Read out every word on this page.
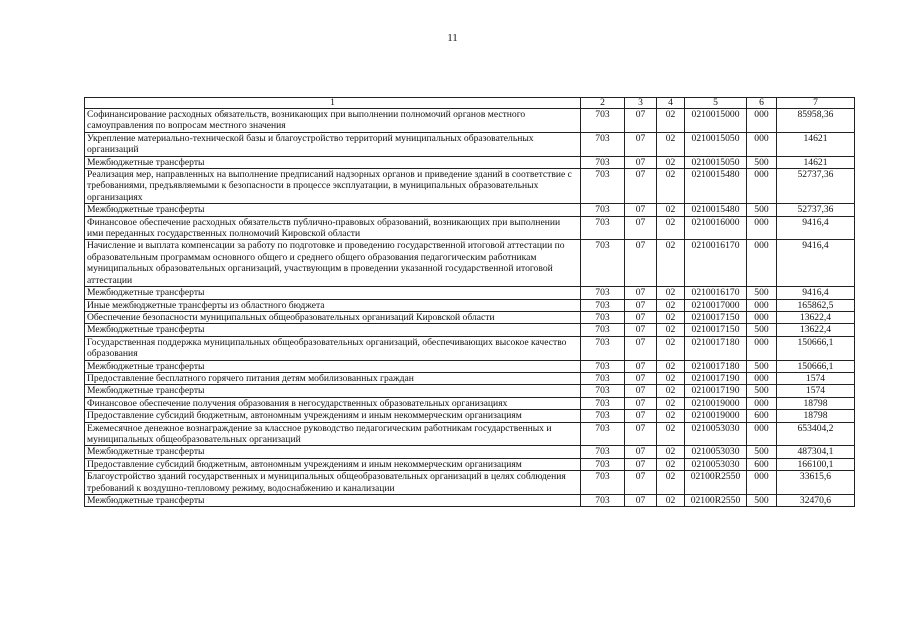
11
1	2	3	4	5	6	7
Софинансирование расходных обязательств, возникающих при выполнении полномочий органов местного самоуправления по вопросам местного значения	703	07	02	0210015000	000	85958,36
Укрепление материально-технической базы и благоустройство территорий муниципальных образовательных организаций	703	07	02	0210015050	000	14621
Межбюджетные трансферты	703	07	02	0210015050	500	14621
Реализация мер, направленных на выполнение предписаний надзорных органов и приведение зданий в соответствие с требованиями, предъявляемыми к безопасности в процессе эксплуатации, в муниципальных образовательных организациях	703	07	02	0210015480	000	52737,36
Межбюджетные трансферты	703	07	02	0210015480	500	52737,36
Финансовое обеспечение расходных обязательств публично-правовых образований, возникающих при выполнении ими переданных государственных полномочий Кировской области	703	07	02	0210016000	000	9416,4
Начисление и выплата компенсации за работу по подготовке и проведению государственной итоговой аттестации по образовательным программам основного общего и среднего общего образования педагогическим работникам муниципальных образовательных организаций, участвующим в проведении указанной государственной итоговой аттестации	703	07	02	0210016170	000	9416,4
Межбюджетные трансферты	703	07	02	0210016170	500	9416,4
Иные межбюджетные трансферты из областного бюджета	703	07	02	0210017000	000	165862,5
Обеспечение безопасности муниципальных общеобразовательных организаций Кировской области	703	07	02	0210017150	000	13622,4
Межбюджетные трансферты	703	07	02	0210017150	500	13622,4
Государственная поддержка муниципальных общеобразовательных организаций, обеспечивающих высокое качество образования	703	07	02	0210017180	000	150666,1
Межбюджетные трансферты	703	07	02	0210017180	500	150666,1
Предоставление бесплатного горячего питания детям мобилизованных граждан	703	07	02	0210017190	000	1574
Межбюджетные трансферты	703	07	02	0210017190	500	1574
Финансовое обеспечение получения образования в негосударственных образовательных организациях	703	07	02	0210019000	000	18798
Предоставление субсидий бюджетным, автономным учреждениям и иным некоммерческим организациям	703	07	02	0210019000	600	18798
Ежемесячное денежное вознаграждение за классное руководство педагогическим работникам государственных и муниципальных общеобразовательных организаций	703	07	02	0210053030	000	653404,2
Межбюджетные трансферты	703	07	02	0210053030	500	487304,1
Предоставление субсидий бюджетным, автономным учреждениям и иным некоммерческим организациям	703	07	02	0210053030	600	166100,1
Благоустройство зданий государственных и муниципальных общеобразовательных организаций в целях соблюдения требований к воздушно-тепловому режиму, водоснабжению и канализации	703	07	02	02100R2550	000	33615,6
Межбюджетные трансферты	703	07	02	02100R2550	500	32470,6
